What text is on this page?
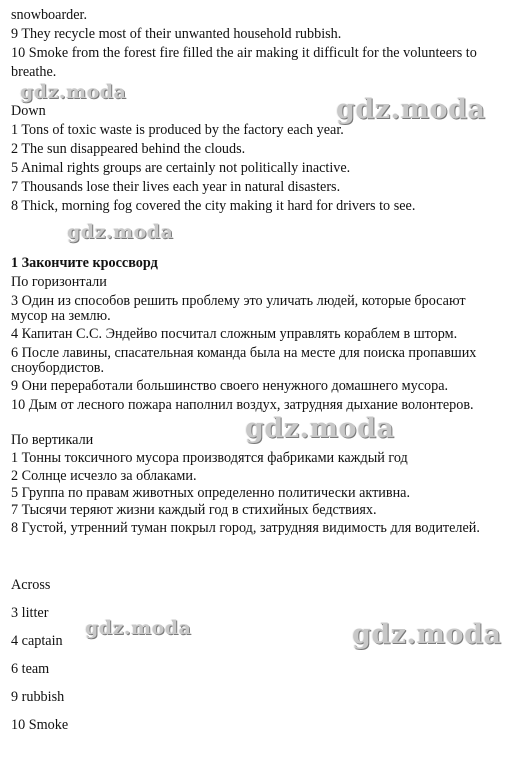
snowboarder.
9 They recycle most of their unwanted household rubbish.
10 Smoke from the forest fire filled the air making it difficult for the volunteers to
breathe.
Down
1 Tons of toxic waste is produced by the factory each year.
2 The sun disappeared behind the clouds.
5 Animal rights groups are certainly not politically inactive.
7 Thousands lose their lives each year in natural disasters.
8 Thick, morning fog covered the city making it hard for drivers to see.
1 Закончите кроссворд
По горизонтали
3 Один из способов решить проблему это уличать людей, которые бросают
мусор на землю.
4 Капитан С.С. Эндейво посчитал сложным управлять кораблем в шторм.
6 После лавины, спасательная команда была на месте для поиска пропавших
сноубордистов.
9 Они переработали большинство своего ненужного домашнего мусора.
10 Дым от лесного пожара наполнил воздух, затрудняя дыхание волонтеров.
По вертикали
1 Тонны токсичного мусора производятся фабриками каждый год
2 Солнце исчезло за облаками.
5 Группа по правам животных определенно политически активна.
7 Тысячи теряют жизни каждый год в стихийных бедствиях.
8 Густой, утренний туман покрыл город, затрудняя видимость для водителей.
Across
3 litter
4 captain
6 team
9 rubbish
10 Smoke
gdz.moda
gdz.moda
gdz.moda
gdz.moda
gdz.moda	gdz.moda
